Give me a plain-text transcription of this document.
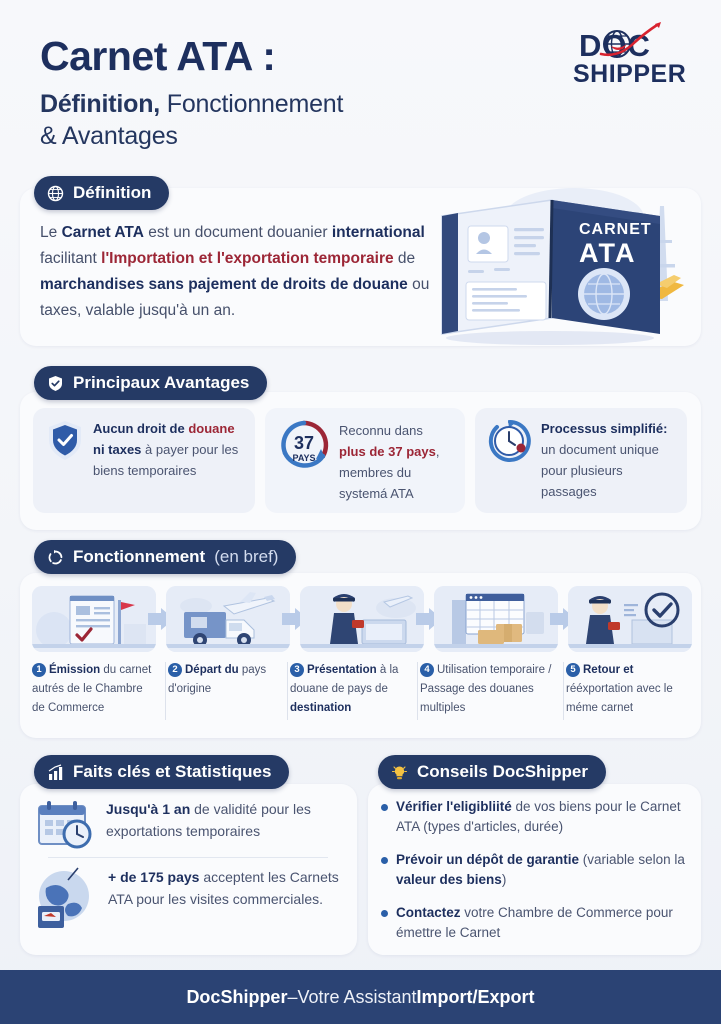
Carnet ATA :
Définition, Fonctionnement
& Avantages
DOC
SHIPPER
Définition
Le Carnet ATA est un document douanier international facilitant l'Importation et l'exportation temporaire de marchandises sans pajement de droits de douane ou taxes, valable jusqu'à un an.
CARNET
ATA
Principaux Avantages
Aucun droit de douane ni taxes à payer pour les biens temporaires
37
PAYS
Reconnu dans plus de 37 pays, membres du systemá ATA
Processus simplifié: un document unique pour plusieurs passages
Fonctionnement (en bref)
1 Émission du carnet autrés de le Chambre de Commerce
2 Départ du pays d'origine
3 Présentation à la douane de pays de destination
4 Utilisation temporaire / Passage des douanes multiples
5 Retour et rééxportation avec le méme carnet
Faits clés et Statistiques
Jusqu'à 1 an de validité pour les exportations temporaires
+ de 175 pays acceptent les Carnets ATA pour les visites commerciales.
Conseils DocShipper
Vérifier l'eligibliité de vos biens pour le Carnet ATA (types d'articles, durée)
Prévoir un dépôt de garantie (variable selon la valeur des biens)
Contactez votre Chambre de Commerce pour émettre le Carnet
DocShipper – Votre Assistant Import/Export
